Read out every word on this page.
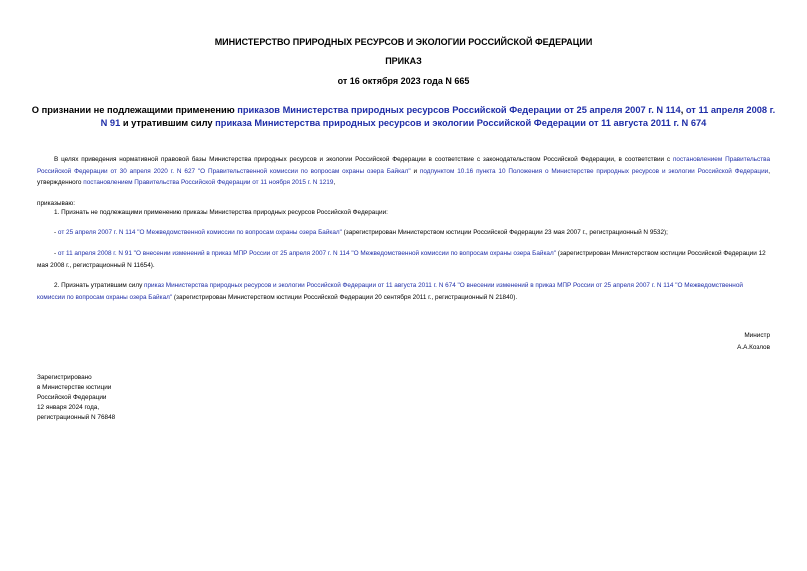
МИНИСТЕРСТВО ПРИРОДНЫХ РЕСУРСОВ И ЭКОЛОГИИ РОССИЙСКОЙ ФЕДЕРАЦИИ
ПРИКАЗ
от 16 октября 2023 года N 665
О признании не подлежащими применению приказов Министерства природных ресурсов Российской Федерации от 25 апреля 2007 г. N 114, от 11 апреля 2008 г. N 91 и утратившим силу приказа Министерства природных ресурсов и экологии Российской Федерации от 11 августа 2011 г. N 674
В целях приведения нормативной правовой базы Министерства природных ресурсов и экологии Российской Федерации в соответствие с законодательством Российской Федерации, в соответствии с постановлением Правительства Российской Федерации от 30 апреля 2020 г. N 627 "О Правительственной комиссии по вопросам охраны озера Байкал" и подпунктом 10.16 пункта 10 Положения о Министерстве природных ресурсов и экологии Российской Федерации, утвержденного постановлением Правительства Российской Федерации от 11 ноября 2015 г. N 1219,
приказываю:
1. Признать не подлежащими применению приказы Министерства природных ресурсов Российской Федерации:
- от 25 апреля 2007 г. N 114 "О Межведомственной комиссии по вопросам охраны озера Байкал" (зарегистрирован Министерством юстиции Российской Федерации 23 мая 2007 г., регистрационный N 9532);
- от 11 апреля 2008 г. N 91 "О внесении изменений в приказ МПР России от 25 апреля 2007 г. N 114 "О Межведомственной комиссии по вопросам охраны озера Байкал" (зарегистрирован Министерством юстиции Российской Федерации 12 мая 2008 г., регистрационный N 11654).
2. Признать утратившим силу приказ Министерства природных ресурсов и экологии Российской Федерации от 11 августа 2011 г. N 674 "О внесении изменений в приказ МПР России от 25 апреля 2007 г. N 114 "О Межведомственной комиссии по вопросам охраны озера Байкал" (зарегистрирован Министерством юстиции Российской Федерации 20 сентября 2011 г., регистрационный N 21840).
Министр
А.А.Козлов
Зарегистрировано
в Министерстве юстиции
Российской Федерации
12 января 2024 года,
регистрационный N 76848
